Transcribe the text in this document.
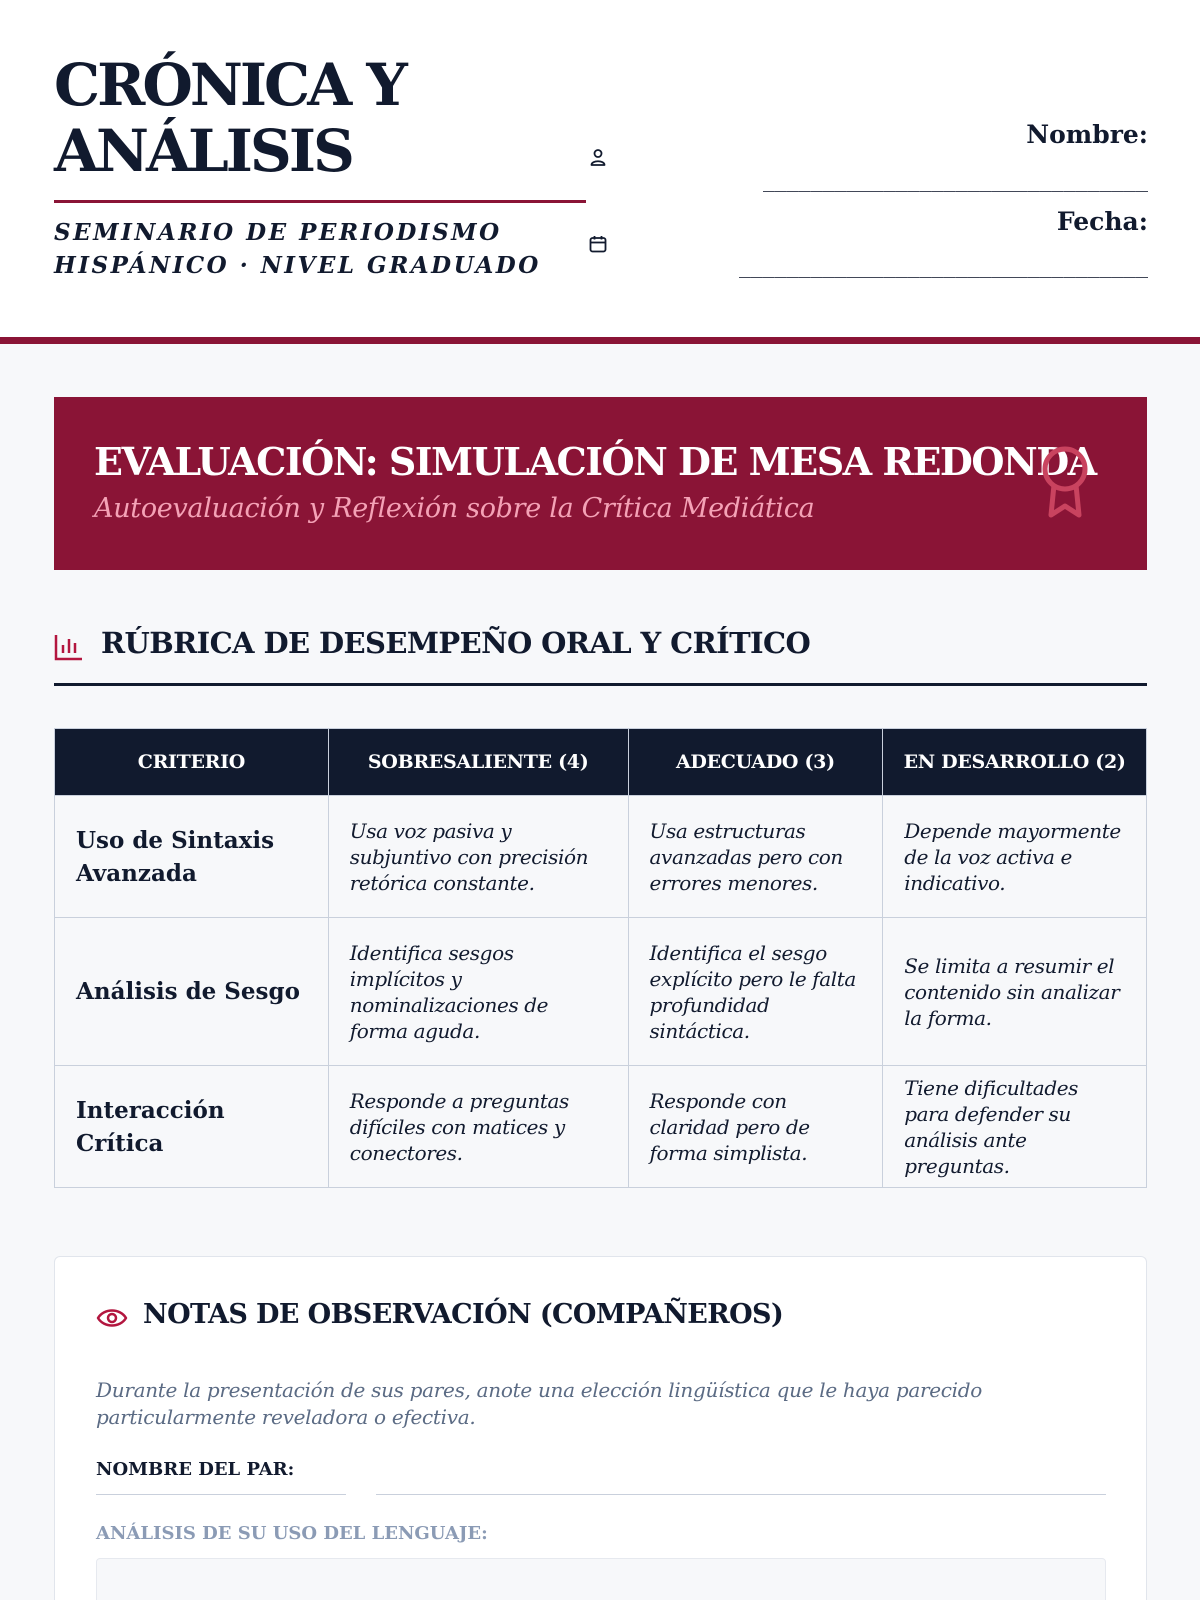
CRÓNICA Y ANÁLISIS
SEMINARIO DE PERIODISMO HISPÁNICO · NIVEL GRADUADO
Nombre:
________________________________
Fecha:
__________________________________
EVALUACIÓN: SIMULACIÓN DE MESA REDONDA
Autoevaluación y Reflexión sobre la Crítica Mediática
RÚBRICA DE DESEMPEÑO ORAL Y CRÍTICO
CRITERIO	SOBRESALIENTE (4)	ADECUADO (3)	EN DESARROLLO (2)
Uso de Sintaxis Avanzada	Usa voz pasiva y subjuntivo con precisión retórica constante.	Usa estructuras avanzadas pero con errores menores.	Depende mayormente de la voz activa e indicativo.
Análisis de Sesgo	Identifica sesgos implícitos y nominalizaciones de forma aguda.	Identifica el sesgo explícito pero le falta profundidad sintáctica.	Se limita a resumir el contenido sin analizar la forma.
Interacción Crítica	Responde a preguntas difíciles con matices y conectores.	Responde con claridad pero de forma simplista.	Tiene dificultades para defender su análisis ante preguntas.
NOTAS DE OBSERVACIÓN (COMPAÑEROS)
Durante la presentación de sus pares, anote una elección lingüística que le haya parecido particularmente reveladora o efectiva.
NOMBRE DEL PAR:
ANÁLISIS DE SU USO DEL LENGUAJE:
